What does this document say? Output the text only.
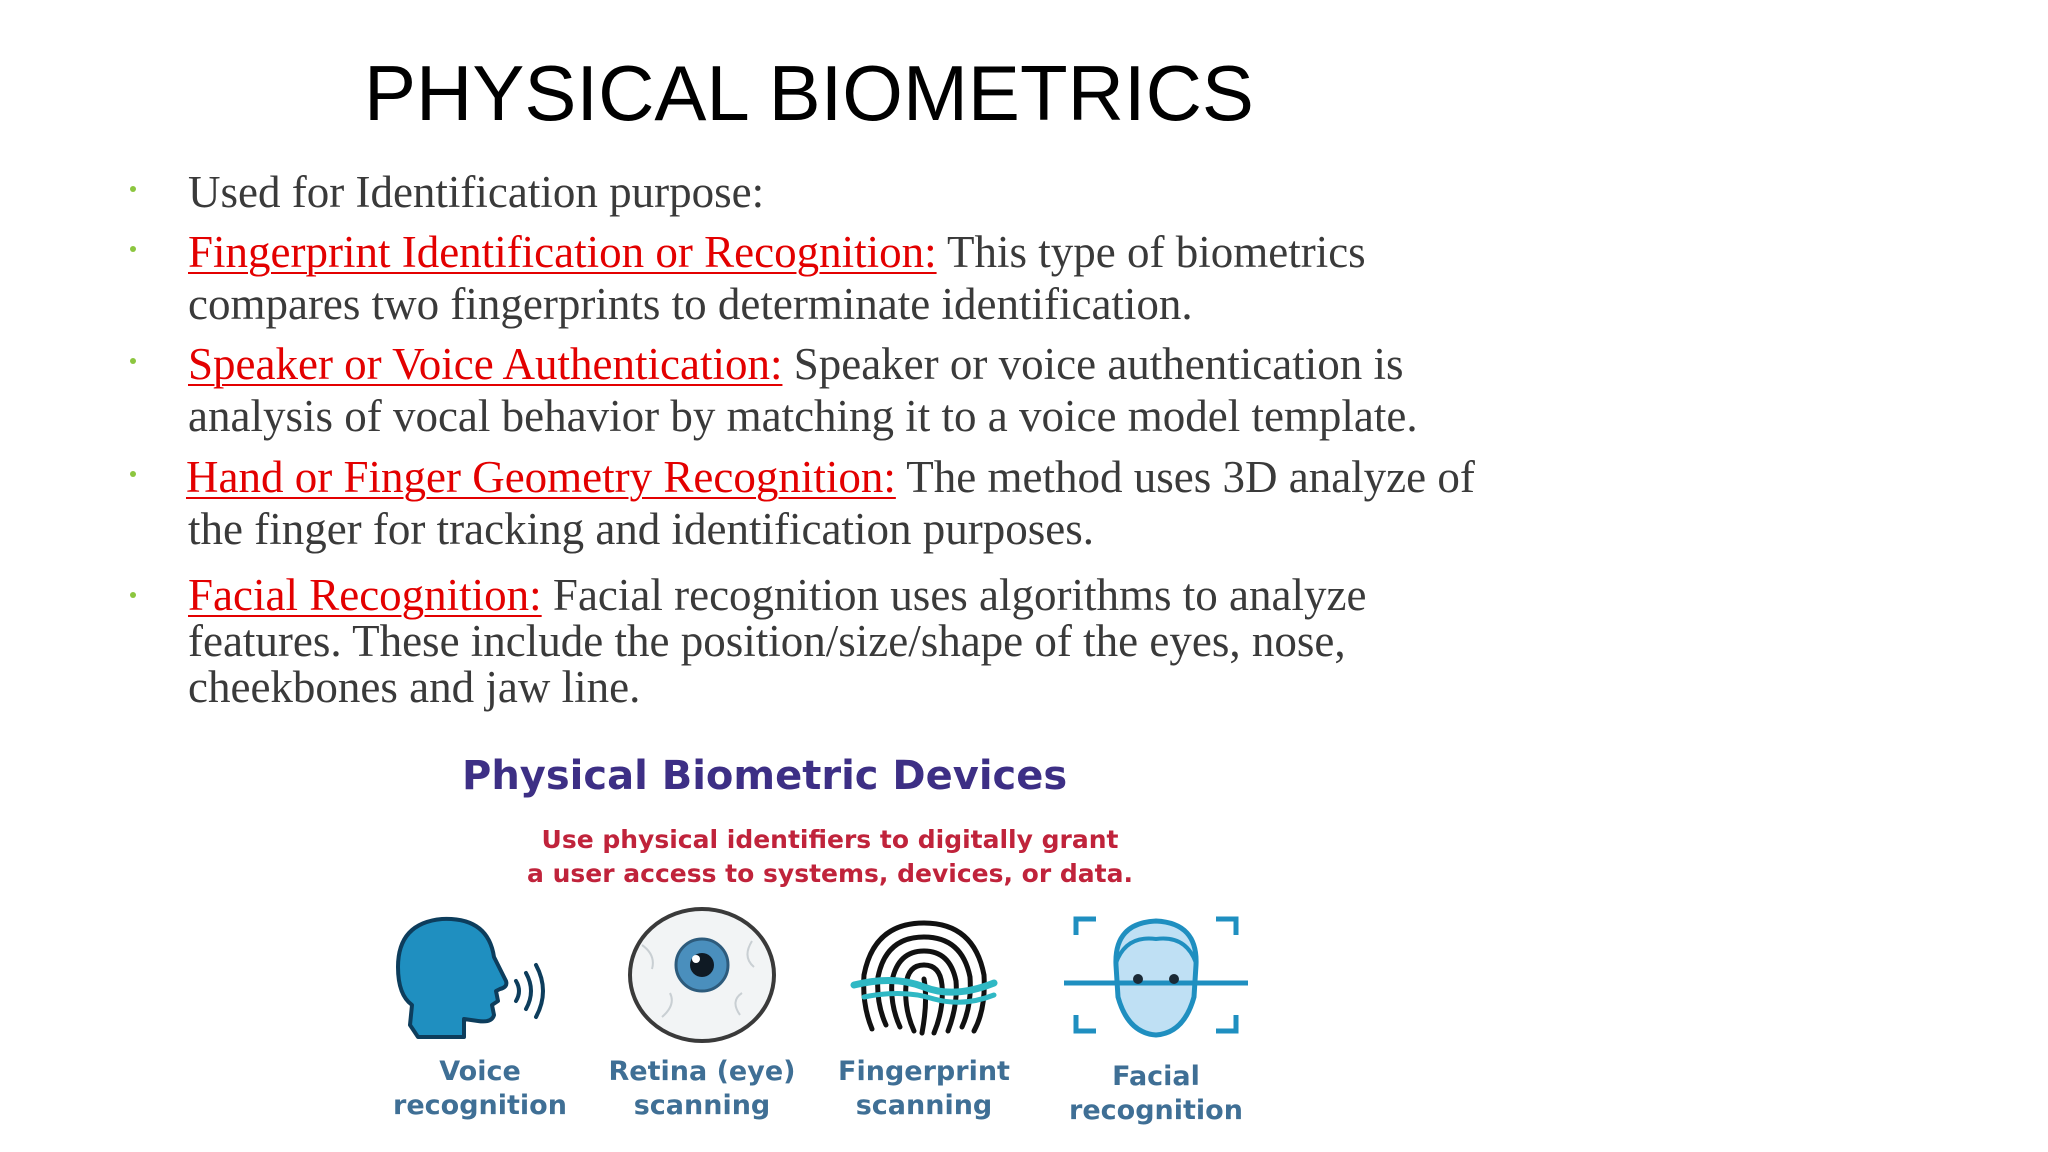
PHYSICAL BIOMETRICS
Used for Identification purpose:
Fingerprint Identification or Recognition: This type of biometrics
compares two fingerprints to determinate identification.
Speaker or Voice Authentication: Speaker or voice authentication is
analysis of vocal behavior by matching it to a voice model template.
Hand or Finger Geometry Recognition: The method uses 3D analyze of
the finger for tracking and identification purposes.
Facial Recognition: Facial recognition uses algorithms to analyze
features. These include the position/size/shape of the eyes, nose,
cheekbones and jaw line.
Physical Biometric Devices
Use physical identifiers to digitally grant
a user access to systems, devices, or data.
Voice
recognition
Retina (eye)
scanning
Fingerprint
scanning
Facial
recognition
